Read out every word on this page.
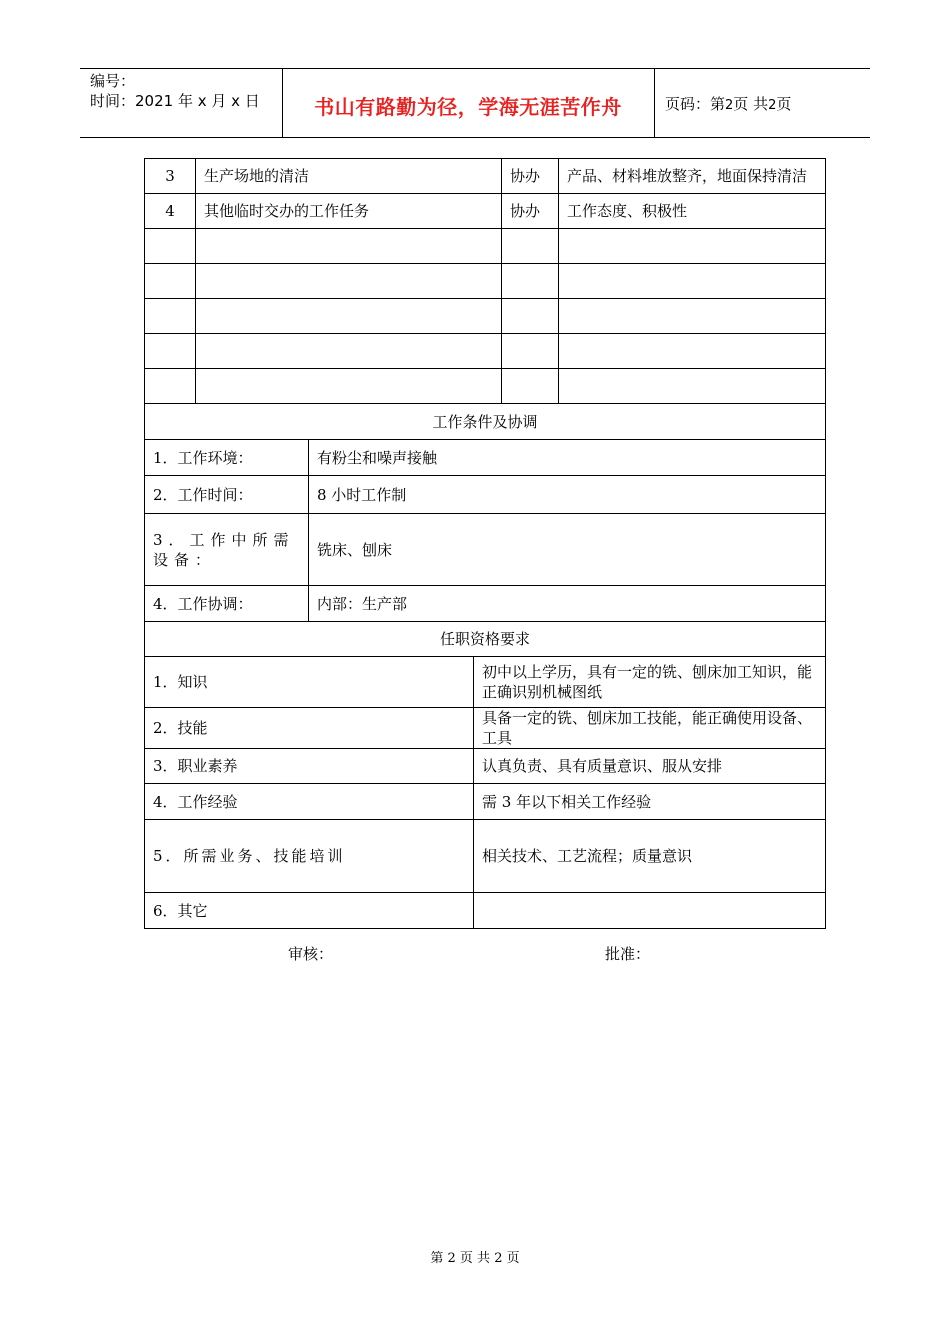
编号：
时间：2021 年 x 月 x 日	书山有路勤为径，学海无涯苦作舟	页码：第2页 共2页
3	生产场地的清洁			协办	产品、材料堆放整齐，地面保持清洁
4	其他临时交办的工作任务			协办	工作态度、积极性

工作条件及协调					
1．工作环境：		有粉尘和噪声接触			
2．工作时间：		8 小时工作制			
3．工作中所需设备：		铣床、刨床			
4．工作协调：		内部：生产部			
任职资格要求					
1．知识			初中以上学历，具有一定的铣、刨床加工知识，能正确识别机械图纸		
2．技能			具备一定的铣、刨床加工技能，能正确使用设备、工具		
3．职业素养			认真负责、具有质量意识、服从安排		
4．工作经验			需 3 年以下相关工作经验		
5．所需业务、技能培训			相关技术、工艺流程；质量意识		
6．其它					
审核：	批准：
第 2 页 共 2 页
